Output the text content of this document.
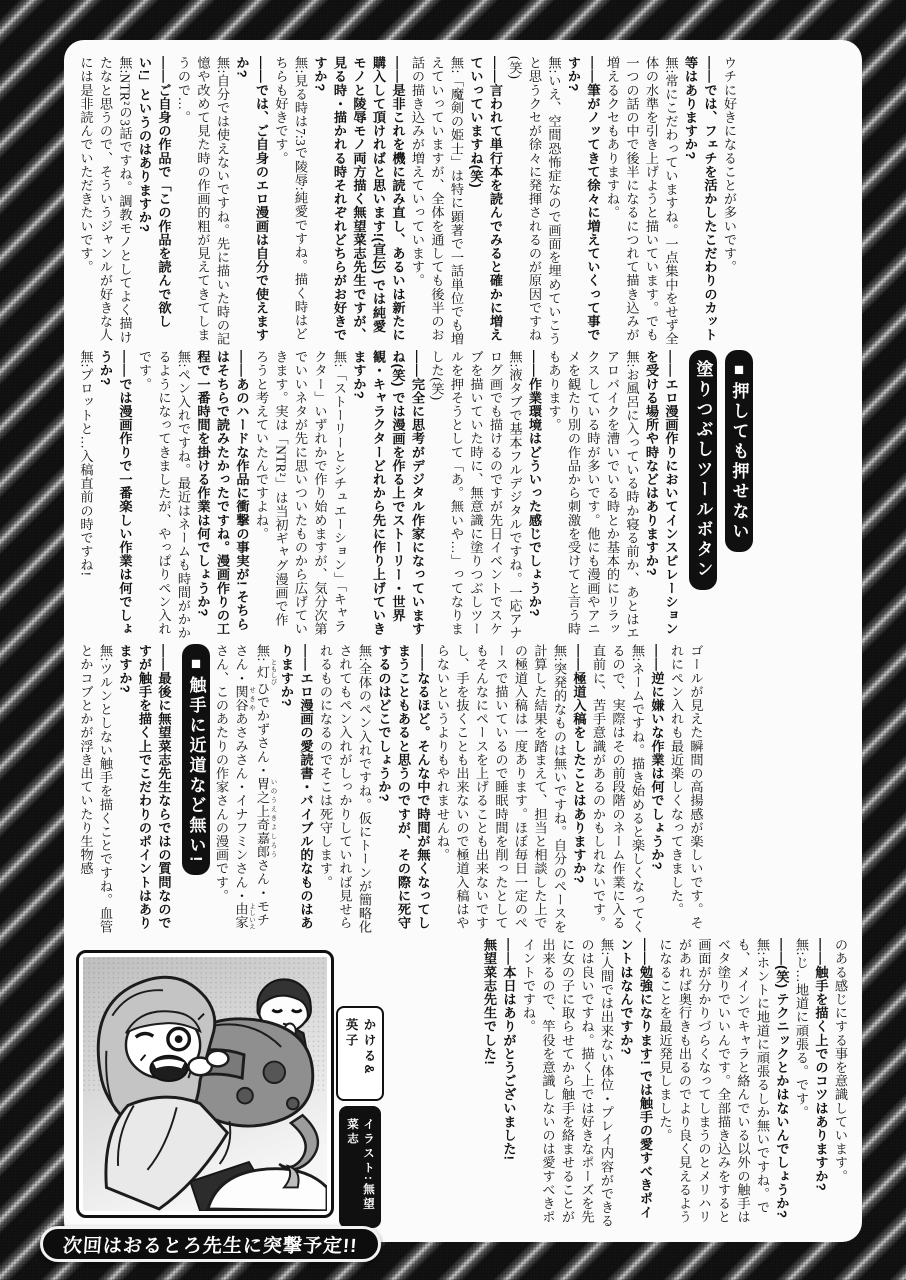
ウチに好きになることが多いです。

――では、フェチを活かしたこだわりのカット等はありますか?

無:常にこだわっていますね。一点集中をせず全体の水準を引き上げようと描いています。でも一つの話の中で後半になるにつれて描き込みが増えるクセもありますね。

――筆がノッてきて徐々に増えていくって事ですか?

無:いえ、空間恐怖症なので画面を埋めていこうと思うクセが徐々に発揮されるのが原因ですね(笑)

――言われて単行本を読んでみると確かに増えていっていますね(笑)

無:「魔剣の姫士」は特に顕著で一話単位でも増えていっていますが、全体を通しても後半のお話の描き込みが増えていっています。

――是非これを機に読み直し、あるいは新たに購入して頂ければと思います!(宣伝) では純愛モノと陵辱モノ両方描く無望菜志先生ですが、見る時・描かれる時それぞれどちらがお好きですか?

無:見る時は7:3で陵辱:純愛ですね。描く時はどちらも好きです。

――では、ご自身のエロ漫画は自分で使えますか?

無:自分では使えないですね。先に描いた時の記憶や改めて見た時の作画的粗が見えてきてしまうので…。

――ご自身の作品で「この作品を読んで欲しい!」というのはありますか?

無:NTR²の3話ですね。調教モノとしてよく描けたなと思うので、そういうジャンルが好きな人には是非読んでいただきたいです。

■押しても押せない

塗りつぶしツールボタン

――エロ漫画作りにおいてインスピレーションを受ける場所や時などはありますか?

無:お風呂に入っている時か寝る前か、あとはエアロバイクを漕いでいる時とか基本的にリラックスしている時が多いです。他にも漫画やアニメを観たり別の作品から刺激を受けてと言う時もあります。

――作業環境はどういった感じでしょうか?

無:液タブで基本フルデジタルですね。一応アナログ画でも描けるのですが先日イベントでスケブを描いていた時に、無意識に塗りつぶしツールを押そうとして「あ。無いや…」ってなりました(笑)

――完全に思考がデジタル作家になっていますね(笑) では漫画を作る上でストーリー・世界観・キャラクターどれから先に作り上げていきますか?

無:「ストーリーとシチュエーション」「キャラクター」いずれかで作り始めますが、気分次第でいいネタが先に思いついたものから広げていきます。実は「NTR²」は当初ギャグ漫画で作ろうと考えていたんですよね。

――あのハードな作品に衝撃の事実が! そちらはそちらで読みたかったですね。漫画作りの工程で一番時間を掛ける作業は何でしょうか?

無:ペン入れですね。最近はネームも時間がかかるようになってきましたが、やっぱりペン入れです。

――では漫画作りで一番楽しい作業は何でしょうか?

無:プロットと…入稿直前の時ですね!

ゴールが見えた瞬間の高揚感が楽しいです。それにペン入れも最近楽しくなってきました。

――逆に嫌いな作業は何でしょうか?

無:ネームですね。描き始めると楽しくなってくるので、実際はその前段階のネーム作業に入る直前に、苦手意識があるのかもしれないです。

――極道入稿をしたことはありますか?

無:突発的なものは無いですね。自分のペースを計算した結果を踏まえて、担当と相談した上での極道入稿は一度あります。ほぼ毎日一定のペースで描いているので睡眠時間を削ったとしてもそんなにペースを上げることも出来ないですし、手を抜くことも出来ないので極道入稿はやらないというよりもやれませんね。

――なるほど。そんな中で時間が無くなってしまうこともあると思うのですが、その際に死守するのはどこでしょうか?

無:全体のペン入れですね。仮にトーンが簡略化されてもペン入れがしっかりしていれば見せられるものになるのでそこは死守します。

――エロ漫画の愛読書・バイブル的なものはありますか?

無:灯 ともしびひでかずさん・胃之上奇嘉郎 いのうえきよしろうさん・モチさん・関谷 せきやあさみさん・イナフミンさん・由家 よしいえさん、このあたりの作家さんの漫画です。

■触手に近道など無い!

――最後に無望菜志先生ならではの質問なのですが触手を描く上でこだわりのポイントはありますか?

無:ツルンとしない触手を描くことですね。血管とかコブとかが浮き出ていたり生物感

かける&英子
イラスト:無望菜志	のある感じにする事を意識しています。

――触手を描く上でのコツはありますか?

無:じ…地道に頑張る。です。

――(笑) テクニックとかはないんでしょうか?

無:ホントに地道に頑張るしか無いですね。でも、メインでキャラと絡んでいる以外の触手はベタ塗りでいいんです。全部描き込みをすると画面が分かりづらくなってしまうのとメリハリがあれば奥行きも出るのでより良く見えるようになることを最近発見しました。

――勉強になります! では触手の愛すべきポイントはなんですか?

無:人間では出来ない体位・プレイ内容ができるのは良いですね。描く上では好きなポーズを先に女の子に取らせてから触手を絡ませることが出来るので、竿役を意識しないのは愛すべきポイントですね。

――本日はありがとうございました!

無望菜志先生でした!

次回はおるとろ先生に突撃予定!!
